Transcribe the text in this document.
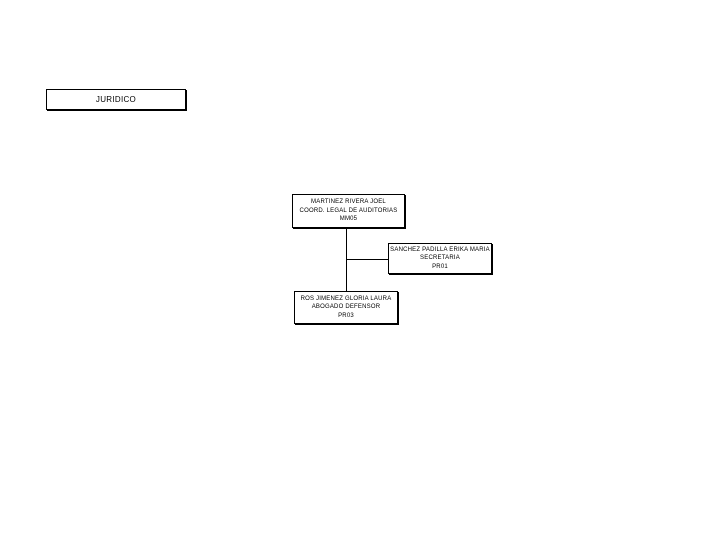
JURIDICO
MARTINEZ RIVERA JOEL
COORD. LEGAL DE AUDITORIAS
MM05
SANCHEZ PADILLA ERIKA MARIA
SECRETARIA
PR01
ROS JIMENEZ GLORIA LAURA
ABOGADO DEFENSOR
PR03
